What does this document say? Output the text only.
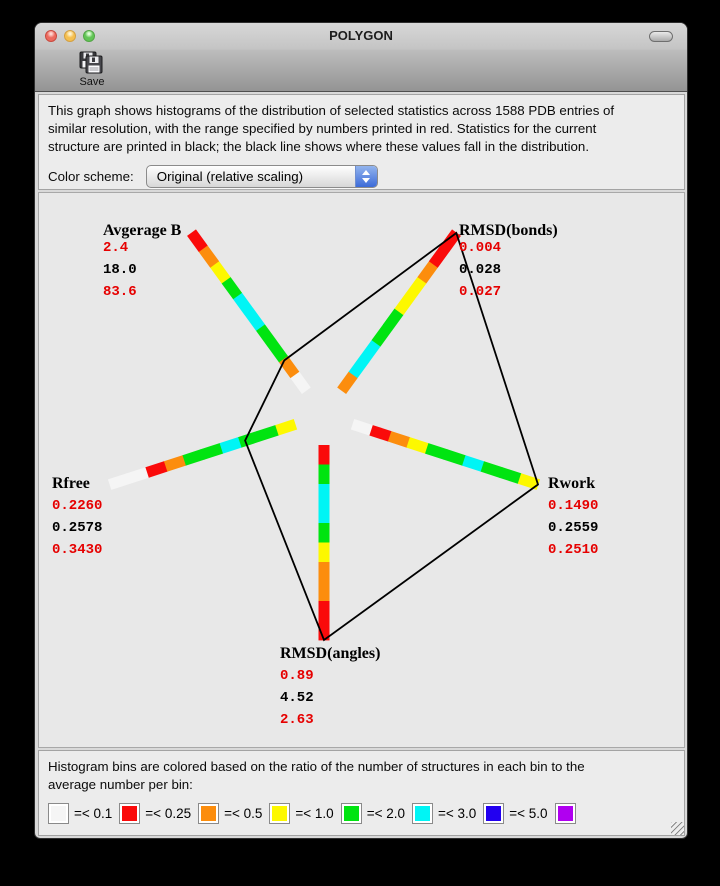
POLYGON
Save
This graph shows histograms of the distribution of selected statistics across 1588 PDB entries of
similar resolution, with the range specified by numbers printed in red. Statistics for the current
structure are printed in black; the black line shows where these values fall in the distribution.
Color scheme: Original (relative scaling)
Avgerage B
2.4
18.0
83.6
RMSD(bonds)
0.004
0.028
0.027
Rwork
0.1490
0.2559
0.2510
RMSD(angles)
0.89
4.52
2.63
Rfree
0.2260
0.2578
0.3430
Histogram bins are colored based on the ratio of the number of structures in each bin to the
average number per bin:
=< 0.1 =< 0.25 =< 0.5 =< 1.0 =< 2.0 =< 3.0 =< 5.0
